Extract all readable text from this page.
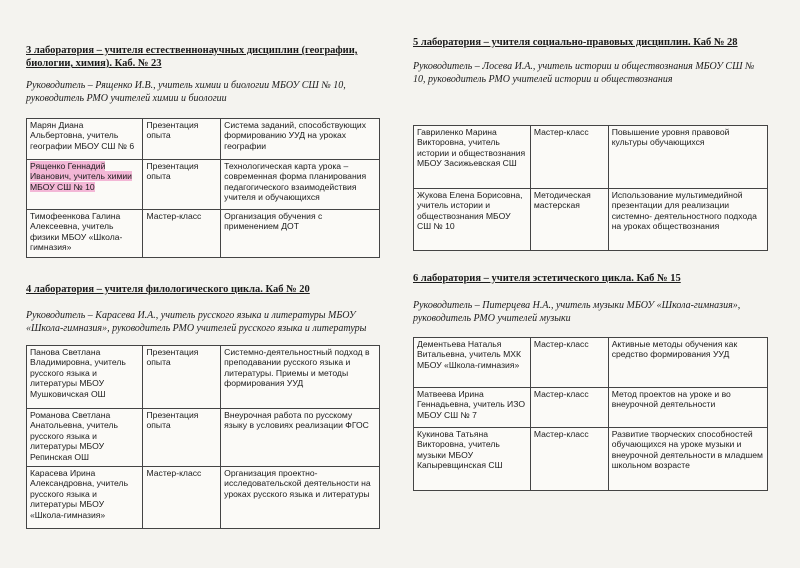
3 лаборатория – учителя естественнонаучных дисциплин (географии, биологии, химия). Каб. № 23

Руководитель – Рященко И.В., учитель химии и биологии МБОУ СШ № 10, руководитель РМО учителей химии и биологии

Марян Диана Альбертовна, учитель географии МБОУ СШ № 6	Презентация опыта	Система заданий, способствующих формированию УУД на уроках географии
Рященко Геннадий Иванович, учитель химии МБОУ СШ № 10	Презентация опыта	Технологическая карта урока – современная форма планирования педагогического взаимодействия учителя и обучающихся
Тимофеенкова Галина Алексеевна, учитель физики МБОУ «Школа-гимназия»	Мастер-класс	Организация обучения с применением ДОТ

4 лаборатория – учителя филологического цикла. Каб № 20

Руководитель – Карасева И.А., учитель русского языка и литературы МБОУ «Школа-гимназия», руководитель РМО учителей русского языка и литературы

Панова Светлана Владимировна, учитель русского языка и литературы МБОУ Мушковичская ОШ	Презентация опыта	Системно-деятельностный подход в преподавании русского языка и литературы. Приемы и методы формирования УУД
Романова Светлана Анатольевна, учитель русского языка и литературы МБОУ Репинская ОШ	Презентация опыта	Внеурочная работа по русскому языку в условиях реализации ФГОС
Карасева Ирина Александровна, учитель русского языка и литературы МБОУ «Школа-гимназия»	Мастер-класс	Организация проектно-исследовательской деятельности на уроках русского языка и литературы

5 лаборатория – учителя социально-правовых дисциплин. Каб № 28

Руководитель – Лосева И.А., учитель истории и обществознания МБОУ СШ № 10, руководитель РМО учителей истории и обществознания

Гавриленко Марина Викторовна, учитель истории и обществознания МБОУ Засижьевская СШ	Мастер-класс	Повышение уровня правовой культуры обучающихся
Жукова Елена Борисовна, учитель истории и обществознания МБОУ СШ № 10	Методическая мастерская	Использование мультимедийной презентации для реализации системно- деятельностного подхода на уроках обществознания

6 лаборатория – учителя эстетического цикла. Каб № 15

Руководитель – Питерцева Н.А., учитель музыки МБОУ «Школа-гимназия», руководитель РМО учителей музыки

Дементьева Наталья Витальевна, учитель МХК МБОУ «Школа-гимназия»	Мастер-класс	Активные методы обучения как средство формирования УУД
Матвеева Ирина Геннадьевна, учитель ИЗО МБОУ СШ № 7	Мастер-класс	Метод проектов на уроке и во внеурочной деятельности
Кукинова Татьяна Викторовна, учитель музыки МБОУ Капыревщинская СШ	Мастер-класс	Развитие творческих способностей обучающихся на уроке музыки и внеурочной деятельности в младшем школьном возрасте
